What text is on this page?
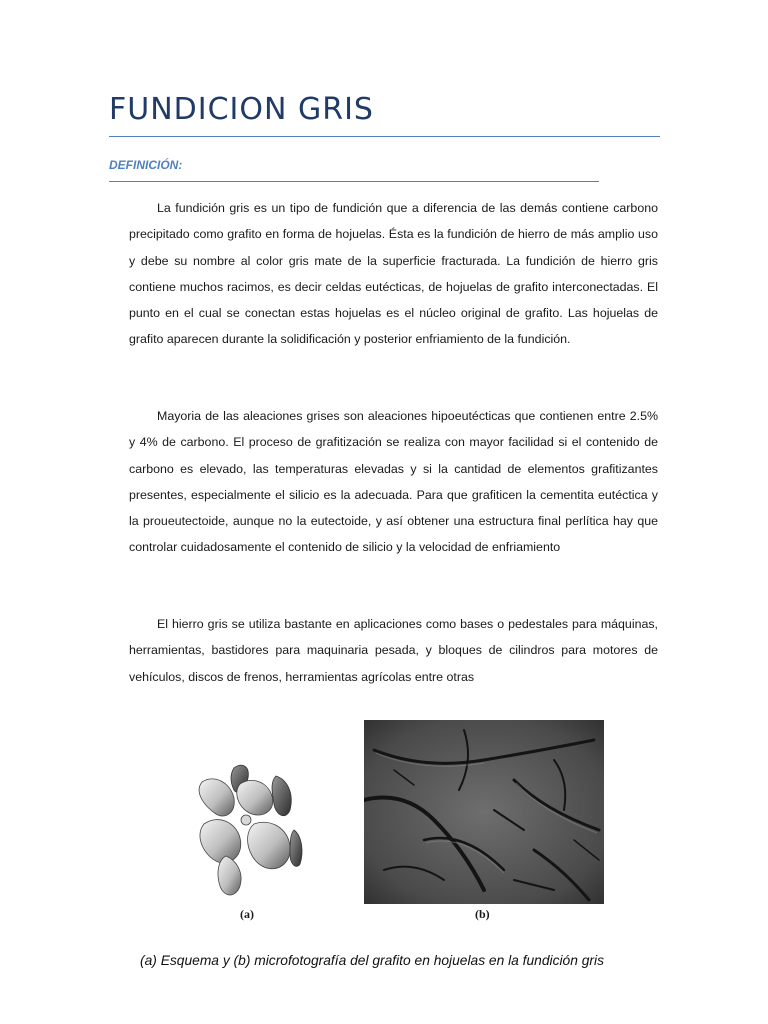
FUNDICION GRIS

DEFINICIÓN:

La fundición gris es un tipo de fundición que a diferencia de las demás contiene carbono precipitado como grafito en forma de hojuelas. Ésta es la fundición de hierro de más amplio uso y debe su nombre al color gris mate de la superficie fracturada. La fundición de hierro gris contiene muchos racimos, es decir celdas eutécticas, de hojuelas de grafito interconectadas. El punto en el cual se conectan estas hojuelas es el núcleo original de grafito. Las hojuelas de grafito aparecen durante la solidificación y posterior enfriamiento de la fundición.

Mayoria de las aleaciones grises son aleaciones hipoeutécticas que contienen entre 2.5% y 4% de carbono. El proceso de grafitización se realiza con mayor facilidad si el contenido de carbono es elevado, las temperaturas elevadas y si la cantidad de elementos grafitizantes presentes, especialmente el silicio es la adecuada. Para que grafiticen la cementita eutéctica y la proueutectoide, aunque no la eutectoide, y así obtener una estructura final perlítica hay que controlar cuidadosamente el contenido de silicio y la velocidad de enfriamiento

El hierro gris se utiliza bastante en aplicaciones como bases o pedestales para máquinas, herramientas, bastidores para maquinaria pesada, y bloques de cilindros para motores de vehículos, discos de frenos, herramientas agrícolas entre otras

(a)	(b)

(a) Esquema y (b) microfotografía del grafito en hojuelas en la fundición gris
